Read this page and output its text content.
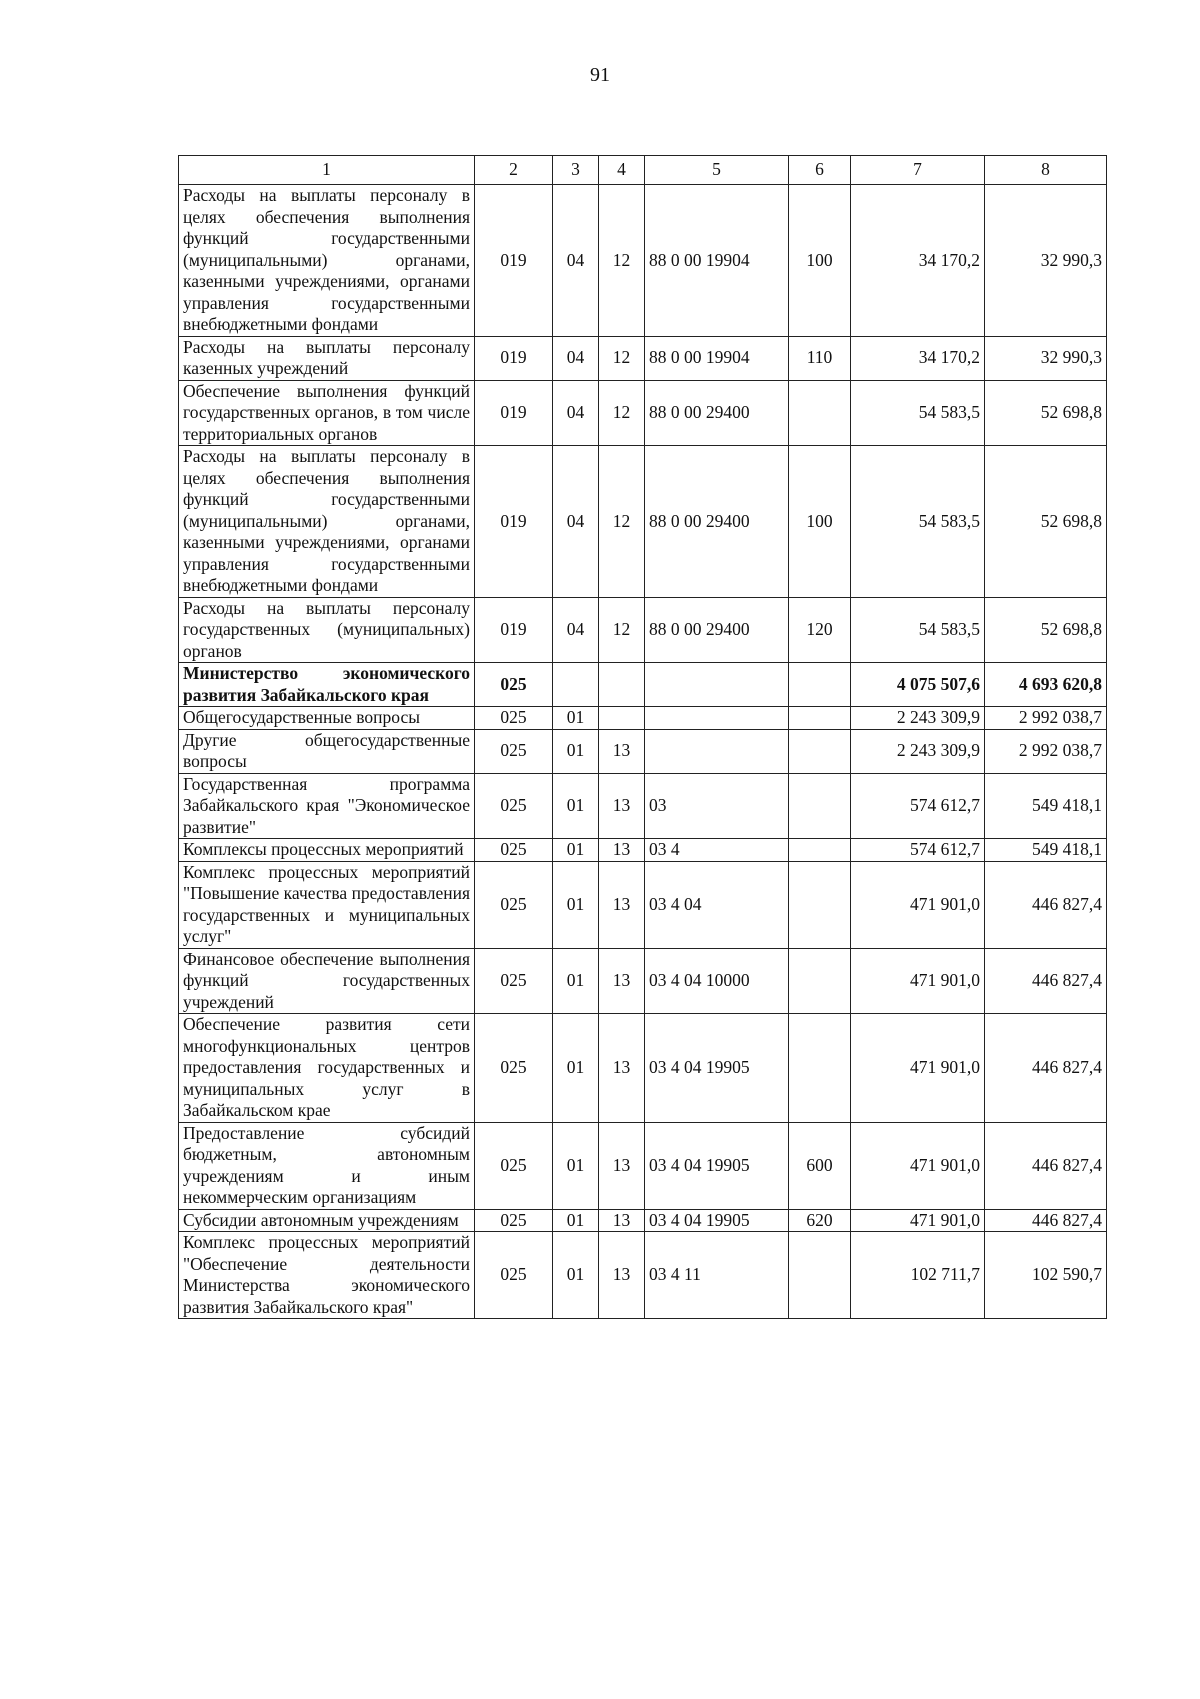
91
1	2	3	4	5	6	7	8
Расходы на выплаты персоналу в целях обеспечения выполнения функций государственными (муниципальными) органами, казенными учреждениями, органами управления государственными внебюджетными фондами	019	04	12	88 0 00 19904	100	34 170,2	32 990,3
Расходы на выплаты персоналу казенных учреждений	019	04	12	88 0 00 19904	110	34 170,2	32 990,3
Обеспечение выполнения функций государственных органов, в том числе территориальных органов	019	04	12	88 0 00 29400		54 583,5	52 698,8
Расходы на выплаты персоналу в целях обеспечения выполнения функций государственными (муниципальными) органами, казенными учреждениями, органами управления государственными внебюджетными фондами	019	04	12	88 0 00 29400	100	54 583,5	52 698,8
Расходы на выплаты персоналу государственных (муниципальных) органов	019	04	12	88 0 00 29400	120	54 583,5	52 698,8
Министерство экономического развития Забайкальского края	025					4 075 507,6	4 693 620,8
Общегосударственные вопросы	025	01				2 243 309,9	2 992 038,7
Другие общегосударственные вопросы	025	01	13			2 243 309,9	2 992 038,7
Государственная программа Забайкальского края "Экономическое развитие"	025	01	13	03		574 612,7	549 418,1
Комплексы процессных мероприятий	025	01	13	03 4		574 612,7	549 418,1
Комплекс процессных мероприятий "Повышение качества предоставления государственных и муниципальных услуг"	025	01	13	03 4 04		471 901,0	446 827,4
Финансовое обеспечение выполнения функций государственных учреждений	025	01	13	03 4 04 10000		471 901,0	446 827,4
Обеспечение развития сети многофункциональных центров предоставления государственных и муниципальных услуг в Забайкальском крае	025	01	13	03 4 04 19905		471 901,0	446 827,4
Предоставление субсидий бюджетным, автономным учреждениям и иным некоммерческим организациям	025	01	13	03 4 04 19905	600	471 901,0	446 827,4
Субсидии автономным учреждениям	025	01	13	03 4 04 19905	620	471 901,0	446 827,4
Комплекс процессных мероприятий "Обеспечение деятельности Министерства экономического развития Забайкальского края"	025	01	13	03 4 11		102 711,7	102 590,7
